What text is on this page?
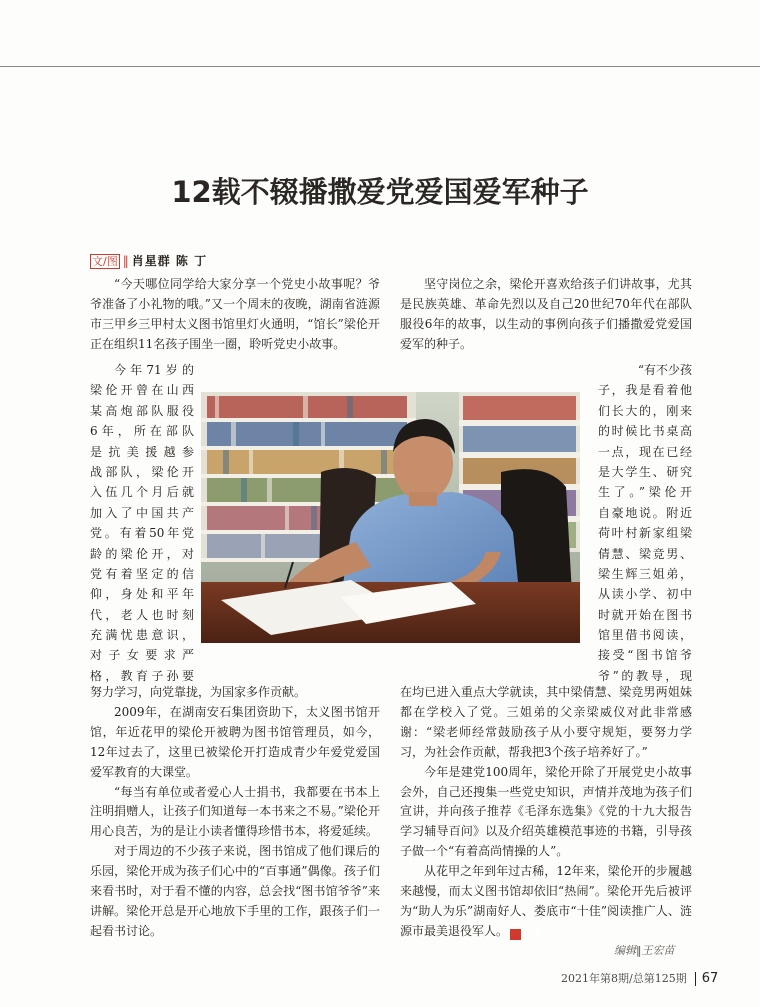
12载不辍播撒爱党爱国爱军种子
文/图 ‖ 肖星群 陈 丁

“今天哪位同学给大家分享一个党史小故事呢？爷爷准备了小礼物的哦。”又一个周末的夜晚，湖南省涟源市三甲乡三甲村太义图书馆里灯火通明，“馆长”梁伦开正在组织11名孩子围坐一圈，聆听党史小故事。

今年71岁的
梁伦开曾在山西
某高炮部队服役
6年，所在部队
是抗美援越参
战部队，梁伦开
入伍几个月后就
加入了中国共产
党。有着50年党
龄的梁伦开，对
党有着坚定的信
仰，身处和平年
代，老人也时刻
充满忧患意识，
对子女要求严
格，教育子孙要

努力学习，向党靠拢，为国家多作贡献。

2009年，在湖南安石集团资助下，太义图书馆开馆，年近花甲的梁伦开被聘为图书馆管理员，如今，12年过去了，这里已被梁伦开打造成青少年爱党爱国爱军教育的大课堂。

“每当有单位或者爱心人士捐书，我都要在书本上注明捐赠人，让孩子们知道每一本书来之不易。”梁伦开用心良苦，为的是让小读者懂得珍惜书本，将爱延续。

对于周边的不少孩子来说，图书馆成了他们课后的乐园，梁伦开成为孩子们心中的“百事通”偶像。孩子们来看书时，对于看不懂的内容，总会找“图书馆爷爷”来讲解。梁伦开总是开心地放下手里的工作，跟孩子们一起看书讨论。

坚守岗位之余，梁伦开喜欢给孩子们讲故事，尤其是民族英雄、革命先烈以及自己20世纪70年代在部队服役6年的故事，以生动的事例向孩子们播撒爱党爱国爱军的种子。

“有不少孩
子，我是看着他
们长大的，刚来
的时候比书桌高
一点，现在已经
是大学生、研究
生了。”梁伦开
自豪地说。附近
荷叶村新家组梁
倩慧、梁竞男、
梁生辉三姐弟，
从读小学、初中
时就开始在图书
馆里借书阅读，
接受“图书馆爷
爷”的教导，现

在均已进入重点大学就读，其中梁倩慧、梁竞男两姐妹都在学校入了党。三姐弟的父亲梁威仪对此非常感谢：“梁老师经常鼓励孩子从小要守规矩，要努力学习，为社会作贡献，帮我把3个孩子培养好了。”

今年是建党100周年，梁伦开除了开展党史小故事会外，自己还搜集一些党史知识，声情并茂地为孩子们宣讲，并向孩子推荐《毛泽东选集》《党的十九大报告学习辅导百问》以及介绍英雄模范事迹的书籍，引导孩子做一个“有着高尚情操的人”。

从花甲之年到年过古稀，12年来，梁伦开的步履越来越慢，而太义图书馆却依旧“热闹”。梁伦开先后被评为“助人为乐”湖南好人、娄底市“十佳”阅读推广人、涟源市最美退役军人。	G

编辑‖王宏苗
2021年第8期/总第125期 67
